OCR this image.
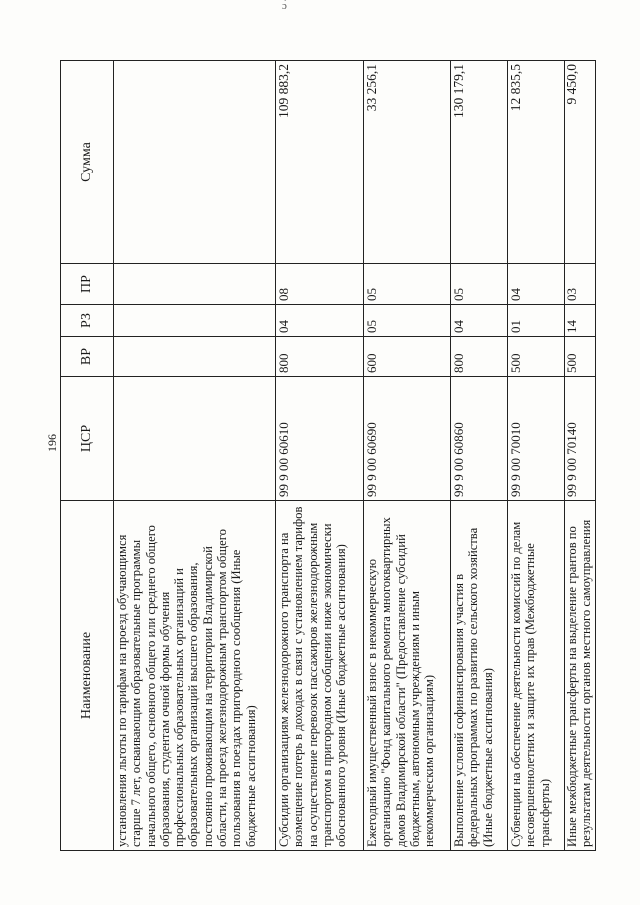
ɔ́
196
Наименование	ЦСР	ВР	РЗ	ПР	Сумма
установления льготы по тарифам на проезд обучающимся старше 7 лет, осваивающим образовательные программы начального общего, основного общего или среднего общего образования, студентам очной формы обучения профессиональных образовательных организаций и образовательных организаций высшего образования, постоянно проживающим на территории Владимирской области, на проезд железнодорожным транспортом общего пользования в поездах пригородного сообщения (Иные бюджетные ассигнования)					
Субсидии организациям железнодорожного транспорта на возмещение потерь в доходах в связи с установлением тарифов на осуществление перевозок пассажиров железнодорожным транспортом в пригородном сообщении ниже экономически обоснованного уровня (Иные бюджетные ассигнования)	99 9 00 60610	800	04	08	109 883,2
Ежегодный имущественный взнос в некоммерческую организацию "Фонд капитального ремонта многоквартирных домов Владимирской области" (Предоставление субсидий бюджетным, автономным учреждениям и иным некоммерческим организациям)	99 9 00 60690	600	05	05	33 256,1
Выполнение условий софинансирования участия в федеральных программах по развитию сельского хозяйства (Иные бюджетные ассигнования)	99 9 00 60860	800	04	05	130 179,1
Субвенции на обеспечение деятельности комиссий по делам несовершеннолетних и защите их прав (Межбюджетные трансферты)	99 9 00 70010	500	01	04	12 835,5
Иные межбюджетные трансферты на выделение грантов по результатам деятельности органов местного самоуправления	99 9 00 70140	500	14	03	9 450,0
